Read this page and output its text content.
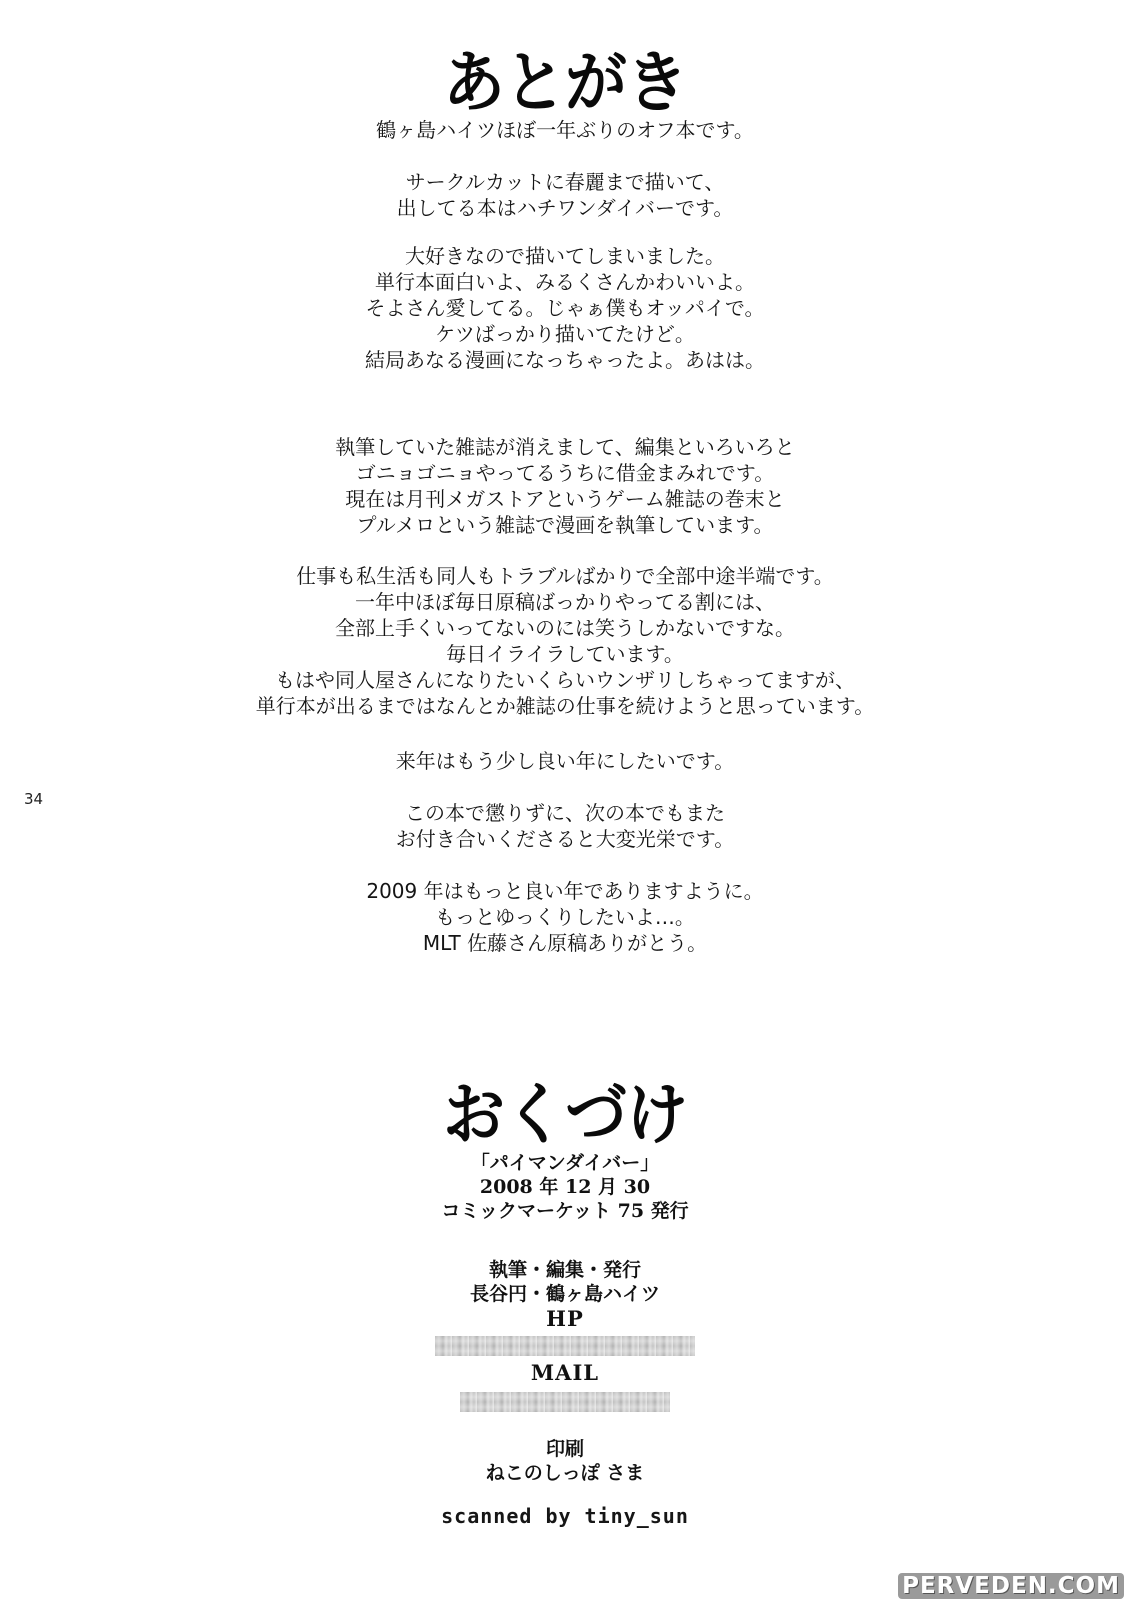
あとがき
鶴ヶ島ハイツほぼ一年ぶりのオフ本です。
サークルカットに春麗まで描いて、
出してる本はハチワンダイバーです。
大好きなので描いてしまいました。
単行本面白いよ、みるくさんかわいいよ。
そよさん愛してる。じゃぁ僕もオッパイで。
ケツばっかり描いてたけど。
結局あなる漫画になっちゃったよ。あはは。
執筆していた雑誌が消えまして、編集といろいろと
ゴニョゴニョやってるうちに借金まみれです。
現在は月刊メガストアというゲーム雑誌の巻末と
プルメロという雑誌で漫画を執筆しています。
仕事も私生活も同人もトラブルばかりで全部中途半端です。
一年中ほぼ毎日原稿ばっかりやってる割には、
全部上手くいってないのには笑うしかないですな。
毎日イライラしています。
もはや同人屋さんになりたいくらいウンザリしちゃってますが、
単行本が出るまではなんとか雑誌の仕事を続けようと思っています。
来年はもう少し良い年にしたいです。
この本で懲りずに、次の本でもまた
お付き合いくださると大変光栄です。
2009 年はもっと良い年でありますように。
もっとゆっくりしたいよ…。
MLT 佐藤さん原稿ありがとう。
34
おくづけ
「パイマンダイバー」
2008 年 12 月 30
コミックマーケット 75 発行
執筆・編集・発行
長谷円・鶴ヶ島ハイツ
HP
MAIL
印刷
ねこのしっぽ さま
scanned by tiny_sun
PERVEDEN.COM
